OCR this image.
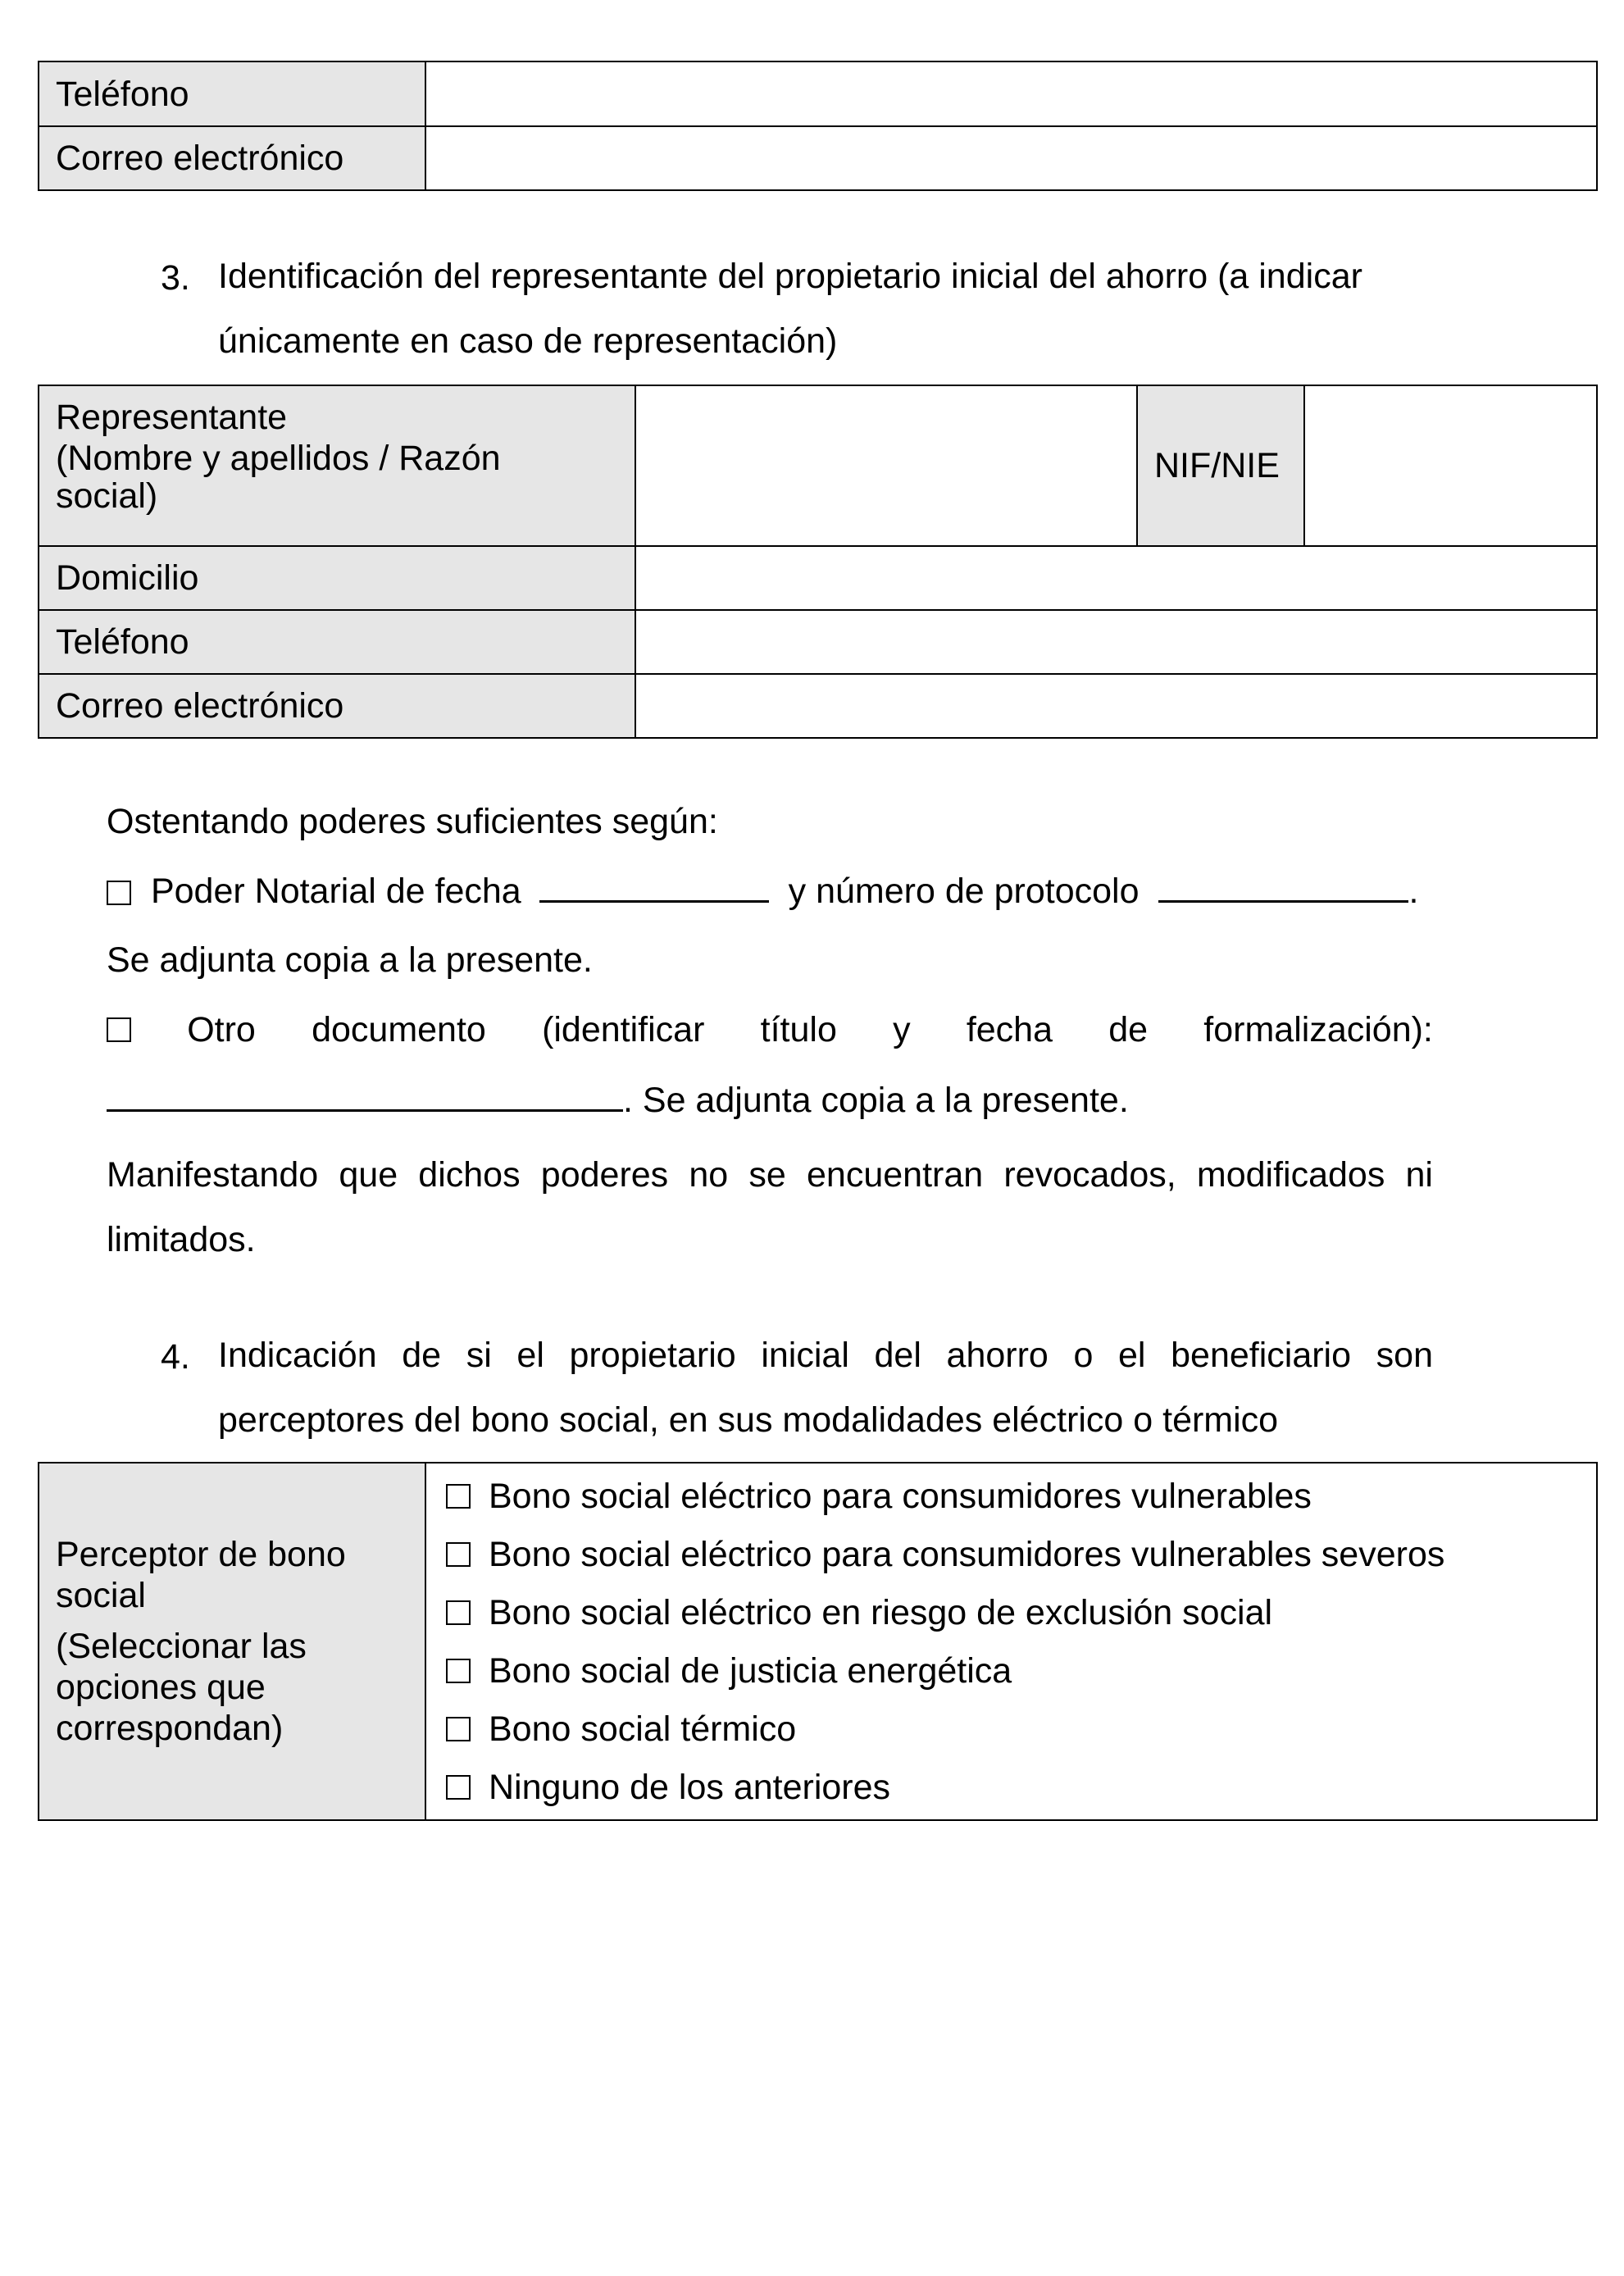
Teléfono	
Correo electrónico	
3. Identificación del representante del propietario inicial del ahorro (a indicar
únicamente en caso de representación)
Representante
(Nombre y apellidos / Razón
social)		NIF/NIE	
Domicilio			
Teléfono			
Correo electrónico			
Ostentando poderes suficientes según:
Poder Notarial de fecha	y número de protocolo	.
Se adjunta copia a la presente.
Otro documento (identificar título y fecha de formalización):
. Se adjunta copia a la presente.
Manifestando que dichos poderes no se encuentran revocados, modificados ni
limitados.
4. Indicación de si el propietario inicial del ahorro o el beneficiario son
perceptores del bono social, en sus modalidades eléctrico o térmico
Perceptor de bono
social
(Seleccionar las
opciones que
correspondan)

Bono social eléctrico para consumidores vulnerables
Bono social eléctrico para consumidores vulnerables severos
Bono social eléctrico en riesgo de exclusión social
Bono social de justicia energética
Bono social térmico
Ninguno de los anteriores
